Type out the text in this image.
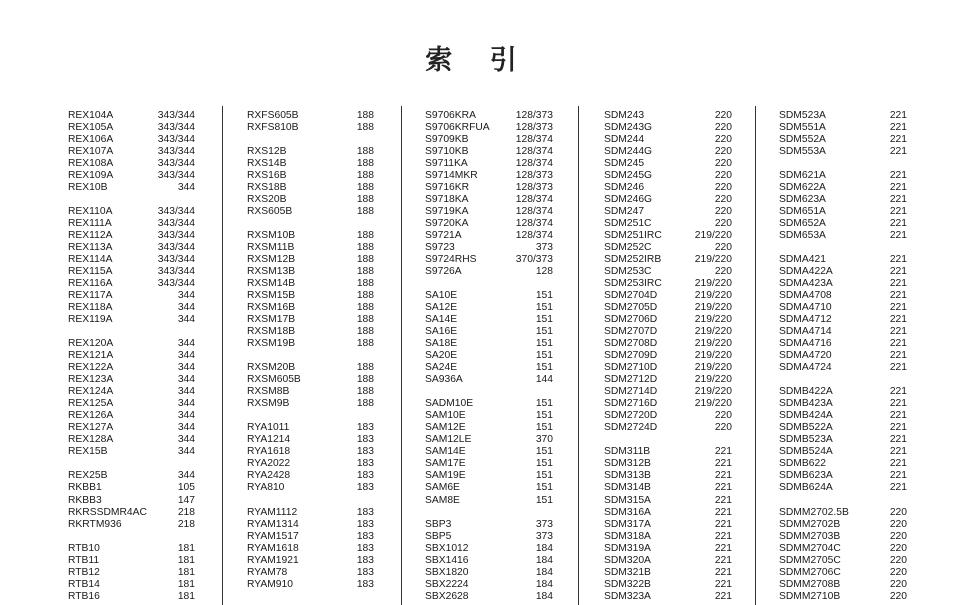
索 引
REX104A	343/344
REX105A	343/344
REX106A	343/344
REX107A	343/344
REX108A	343/344
REX109A	343/344
REX10B	344
REX110A	343/344
REX111A	343/344
REX112A	343/344
REX113A	343/344
REX114A	343/344
REX115A	343/344
REX116A	343/344
REX117A	344
REX118A	344
REX119A	344
REX120A	344
REX121A	344
REX122A	344
REX123A	344
REX124A	344
REX125A	344
REX126A	344
REX127A	344
REX128A	344
REX15B	344
REX25B	344
RKBB1	105
RKBB3	147
RKRSSDMR4AC	218
RKRTM936	218
RTB10	181
RTB11	181
RTB12	181
RTB14	181
RTB16	181
RXFS605B	188
RXFS810B	188
RXS12B	188
RXS14B	188
RXS16B	188
RXS18B	188
RXS20B	188
RXS605B	188
RXSM10B	188
RXSM11B	188
RXSM12B	188
RXSM13B	188
RXSM14B	188
RXSM15B	188
RXSM16B	188
RXSM17B	188
RXSM18B	188
RXSM19B	188
RXSM20B	188
RXSM605B	188
RXSM8B	188
RXSM9B	188
RYA1011	183
RYA1214	183
RYA1618	183
RYA2022	183
RYA2428	183
RYA810	183
RYAM1112	183
RYAM1314	183
RYAM1517	183
RYAM1618	183
RYAM1921	183
RYAM78	183
RYAM910	183
S9706KRA	128/373
S9706KRFUA	128/373
S9709KB	128/374
S9710KB	128/374
S9711KA	128/374
S9714MKR	128/373
S9716KR	128/373
S9718KA	128/374
S9719KA	128/374
S9720KA	128/374
S9721A	128/374
S9723	373
S9724RHS	370/373
S9726A	128
SA10E	151
SA12E	151
SA14E	151
SA16E	151
SA18E	151
SA20E	151
SA24E	151
SA936A	144
SADM10E	151
SAM10E	151
SAM12E	151
SAM12LE	370
SAM14E	151
SAM17E	151
SAM19E	151
SAM6E	151
SAM8E	151
SBP3	373
SBP5	373
SBX1012	184
SBX1416	184
SBX1820	184
SBX2224	184
SBX2628	184
SDM243	220
SDM243G	220
SDM244	220
SDM244G	220
SDM245	220
SDM245G	220
SDM246	220
SDM246G	220
SDM247	220
SDM251C	220
SDM251IRC	219/220
SDM252C	220
SDM252IRB	219/220
SDM253C	220
SDM253IRC	219/220
SDM2704D	219/220
SDM2705D	219/220
SDM2706D	219/220
SDM2707D	219/220
SDM2708D	219/220
SDM2709D	219/220
SDM2710D	219/220
SDM2712D	219/220
SDM2714D	219/220
SDM2716D	219/220
SDM2720D	220
SDM2724D	220
SDM311B	221
SDM312B	221
SDM313B	221
SDM314B	221
SDM315A	221
SDM316A	221
SDM317A	221
SDM318A	221
SDM319A	221
SDM320A	221
SDM321B	221
SDM322B	221
SDM323A	221
SDM523A	221
SDM551A	221
SDM552A	221
SDM553A	221
SDM621A	221
SDM622A	221
SDM623A	221
SDM651A	221
SDM652A	221
SDM653A	221
SDMA421	221
SDMA422A	221
SDMA423A	221
SDMA4708	221
SDMA4710	221
SDMA4712	221
SDMA4714	221
SDMA4716	221
SDMA4720	221
SDMA4724	221
SDMB422A	221
SDMB423A	221
SDMB424A	221
SDMB522A	221
SDMB523A	221
SDMB524A	221
SDMB622	221
SDMB623A	221
SDMB624A	221
SDMM2702.5B	220
SDMM2702B	220
SDMM2703B	220
SDMM2704C	220
SDMM2705C	220
SDMM2706C	220
SDMM2708B	220
SDMM2710B	220
